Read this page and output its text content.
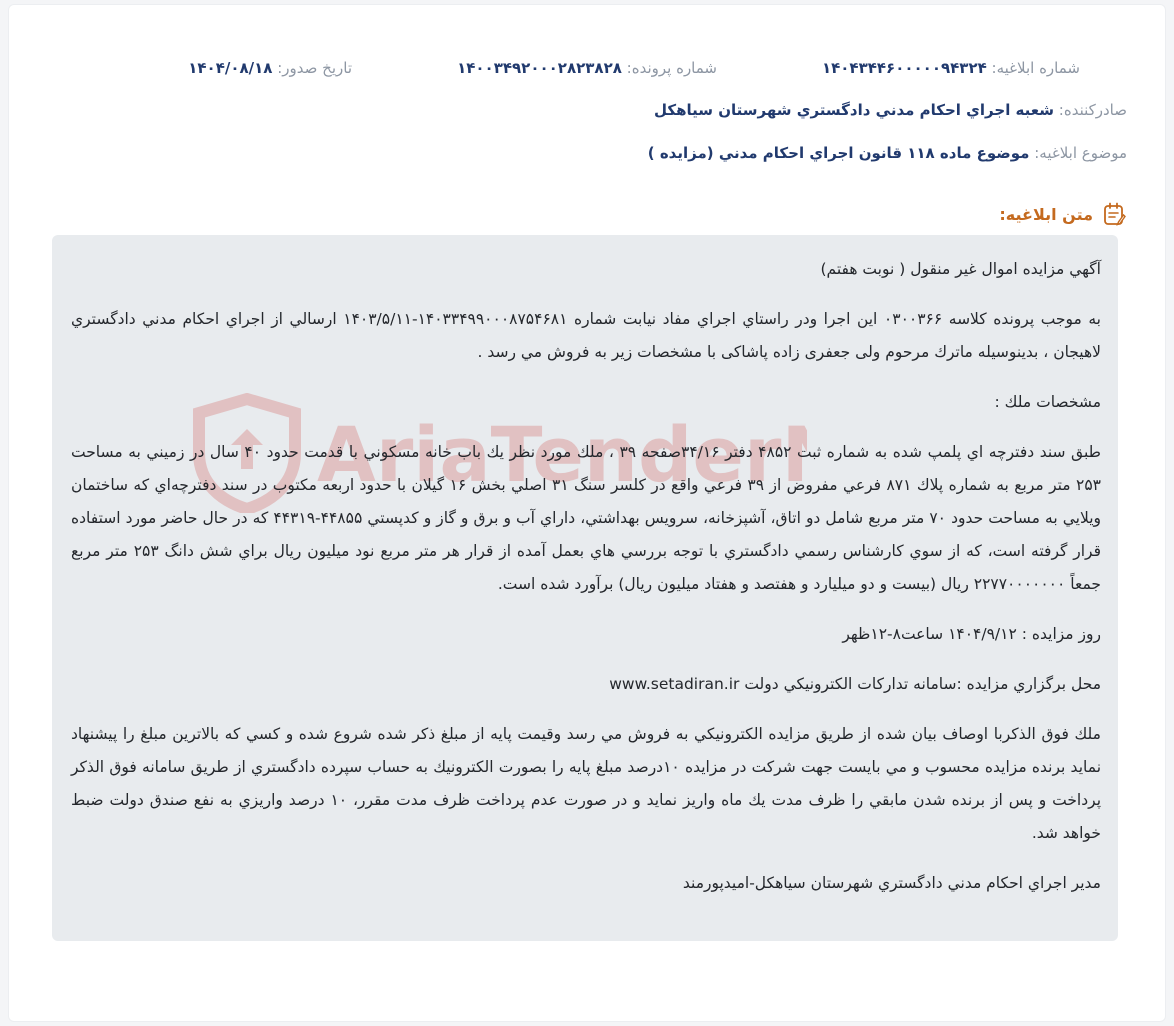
شماره ابلاغيه: ۱۴۰۴۳۴۴۶۰۰۰۰۰۹۴۳۲۴
شماره پرونده: ۱۴۰۰۳۴۹۲۰۰۰۲۸۲۳۸۲۸
تاريخ صدور: ۱۴۰۴/۰۸/۱۸
صادرکننده: شعبه اجراي احكام مدني دادگستري شهرستان سياهكل
موضوع ابلاغيه: موضوع ماده ۱۱۸ قانون اجراي احكام مدني (مزايده )
متن ابلاغيه:
AriaTender

آگهي مزايده اموال غير منقول ( نوبت هفتم)

به موجب پرونده كلاسه ۰۳۰۰۳۶۶ اين اجرا ودر راستاي اجراي مفاد نيابت شماره ۱۴۰۳۳۴۹۹۰۰۰۸۷۵۴۶۸۱-۱۴۰۳/۵/۱۱ ارسالي از اجراي احكام مدني دادگستري لاهيجان ، بدينوسيله ماترك مرحوم ولی جعفری زاده پاشاکی با مشخصات زير به فروش مي رسد .

مشخصات ملك :

طبق سند دفترچه اي پلمپ شده به شماره ثبت ۴۸۵۲ دفتر ۳۴/۱۶صفحه ۳۹ ، ملك مورد نظر يك باب خانه مسكوني با قدمت حدود ۴۰ سال در زميني به مساحت ۲۵۳ متر مربع به شماره پلاك ۸۷۱ فرعي مفروض از ۳۹ فرعي واقع در كلسر سنگ ۳۱ اصلي بخش ۱۶ گيلان با حدود اربعه مكتوب در سند دفترچه‌اي كه ساختمان ويلايي به مساحت حدود ۷۰ متر مربع شامل دو اتاق، آشپزخانه، سرويس بهداشتي، داراي آب و برق و گاز و كدپستي ۴۴۸۵۵-۴۴۳۱۹ كه در حال حاضر مورد استفاده قرار گرفته است، كه از سوي كارشناس رسمي دادگستري با توجه بررسي هاي بعمل آمده از قرار هر متر مربع نود ميليون ريال براي شش دانگ ۲۵۳ متر مربع جمعاً ۲۲۷۷۰۰۰۰۰۰۰ ريال (بيست و دو ميليارد و هفتصد و هفتاد ميليون ريال) برآورد شده است.

روز مزايده : ۱۴۰۴/۹/۱۲ ساعت۸-۱۲ظهر

محل برگزاري مزايده :سامانه تداركات الكترونيكي دولت www.setadiran.ir

ملك فوق الذكربا اوصاف بيان شده از طريق مزايده الكترونيكي به فروش مي رسد وقيمت پايه از مبلغ ذكر شده شروع شده و كسي كه بالاترين مبلغ را پيشنهاد نمايد برنده مزايده محسوب و مي بايست جهت شركت در مزايده ۱۰درصد مبلغ پايه را بصورت الكترونيك به حساب سپرده دادگستري از طريق سامانه فوق الذكر پرداخت و پس از برنده شدن مابقي را ظرف مدت يك ماه واريز نمايد و در صورت عدم پرداخت ظرف مدت مقرر، ۱۰ درصد واريزي به نفع صندق دولت ضبط خواهد شد.

مدير اجراي احكام مدني دادگستري شهرستان سياهكل-اميدپورمند
